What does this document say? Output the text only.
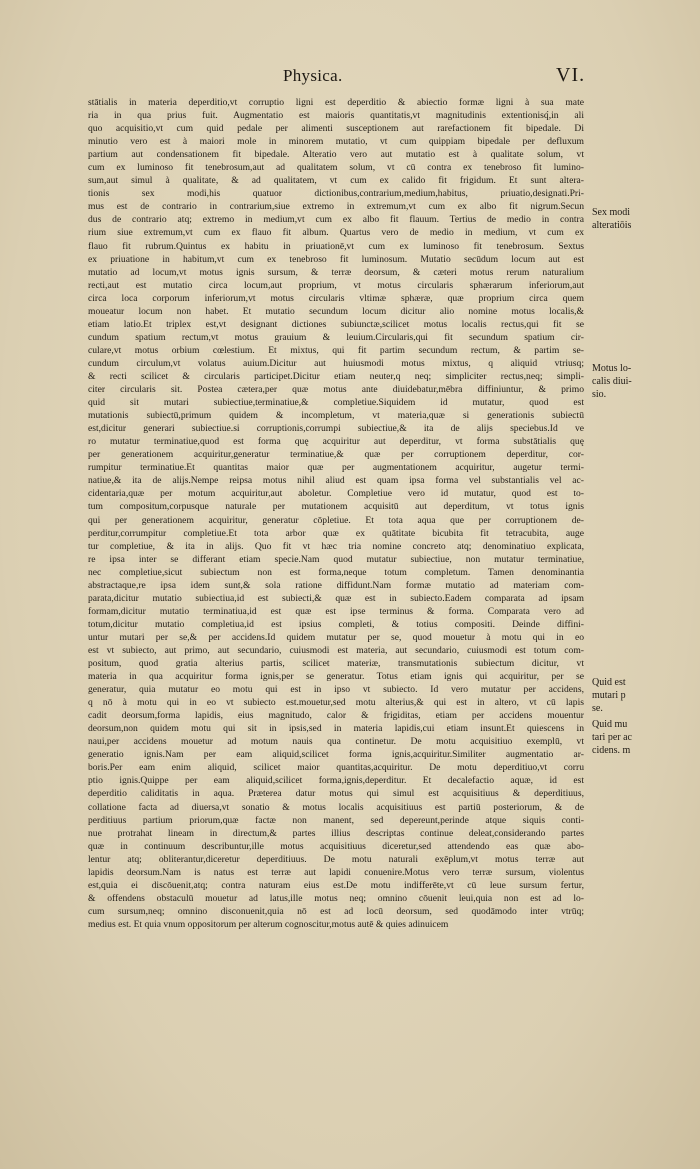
Physica.	VI.
stātialis in materia deperditio,vt corruptio ligni est deperditio & abiectio formæ ligni à sua mate
ria in qua prius fuit. Augmentatio est maioris quantitatis,vt magnitudinis extentionisq́,in ali
quo acquisitio,vt cum quid pedale per alimenti susceptionem aut rarefactionem fit bipedale. Di
minutio vero est à maiori mole in minorem mutatio, vt cum quippiam bipedale per defluxum
partium aut condensationem fit bipedale. Alteratio vero aut mutatio est à qualitate solum, vt
cum ex luminoso fit tenebrosum,aut ad qualitatem solum, vt cū contra ex tenebroso fit lumino-
sum,aut simul à qualitate, & ad qualitatem, vt cum ex calido fit frigidum. Et sunt altera-
tionis sex modi,his quatuor dictionibus,contrarium,medium,habitus, priuatio,designati.Pri-
mus est de contrario in contrarium,siue extremo in extremum,vt cum ex albo fit nigrum.Secun
dus de contrario atq; extremo in medium,vt cum ex albo fit flauum. Tertius de medio in contra
rium siue extremum,vt cum ex flauo fit album. Quartus vero de medio in medium, vt cum ex
flauo fit rubrum.Quintus ex habitu in priuationē,vt cum ex luminoso fit tenebrosum. Sextus
ex priuatione in habitum,vt cum ex tenebroso fit luminosum. Mutatio secūdum locum aut est
mutatio ad locum,vt motus ignis sursum, & terræ deorsum, & cæteri motus rerum naturalium
recti,aut est mutatio circa locum,aut proprium, vt motus circularis sphærarum inferiorum,aut
circa loca corporum inferiorum,vt motus circularis vltimæ sphæræ, quæ proprium circa quem
moueatur locum non habet. Et mutatio secundum locum dicitur alio nomine motus localis,&
etiam latio.Et triplex est,vt designant dictiones subiunctæ,scilicet motus localis rectus,qui fit se
cundum spatium rectum,vt motus grauium & leuium.Circularis,qui fit secundum spatium cir-
culare,vt motus orbium cœlestium. Et mixtus, qui fit partim secundum rectum, & partim se-
cundum circulum,vt volatus auium.Dicitur aut huiusmodi motus mixtus, q aliquid vtriusq;
& recti scilicet & circularis participet.Dicitur etiam neuter,q neq; simpliciter rectus,neq; simpli-
citer circularis sit. Postea cætera,per quæ motus ante diuidebatur,mēbra diffiniuntur, & primo
quid sit mutari subiectiue,terminatiue,& completiue.Siquidem id mutatur, quod est
mutationis subiectū,primum quidem & incompletum, vt materia,quæ si generationis subiectū
est,dicitur generari subiectiue.si corruptionis,corrumpi subiectiue,& ita de alijs speciebus.Id ve
ro mutatur terminatiue,quod est forma quę acquiritur aut deperditur, vt forma substātialis quę
per generationem acquiritur,generatur terminatiue,& quæ per corruptionem deperditur, cor-
rumpitur terminatiue.Et quantitas maior quæ per augmentationem acquiritur, augetur termi-
natiue,& ita de alijs.Nempe reipsa motus nihil aliud est quam ipsa forma vel substantialis vel ac-
cidentaria,quæ per motum acquiritur,aut aboletur. Completiue vero id mutatur, quod est to-
tum compositum,corpusque naturale per mutationem acquisitū aut deperditum, vt totus ignis
qui per generationem acquiritur, generatur cōpletiue. Et tota aqua que per corruptionem de-
perditur,corrumpitur completiue.Et tota arbor quæ ex quātitate bicubita fit tetracubita, auge
tur completiue, & ita in alijs. Quo fit vt hæc tria nomine concreto atq; denominatiuo explicata,
re ipsa inter se differant etiam specie.Nam quod mutatur subiectiue, non mutatur terminatiue,
nec completiue,sicut subiectum non est forma,neque totum completum. Tamen denominantia
abstractaque,re ipsa idem sunt,& sola ratione diffidunt.Nam formæ mutatio ad materiam com-
parata,dicitur mutatio subiectiua,id est subiecti,& quæ est in subiecto.Eadem comparata ad ipsam
formam,dicitur mutatio terminatiua,id est quæ est ipse terminus & forma. Comparata vero ad
totum,dicitur mutatio completiua,id est ipsius completi, & totius compositi. Deinde diffini-
untur mutari per se,& per accidens.Id quidem mutatur per se, quod mouetur à motu qui in eo
est vt subiecto, aut primo, aut secundario, cuiusmodi est materia, aut secundario, cuiusmodi est totum com-
positum, quod gratia alterius partis, scilicet materiæ, transmutationis subiectum dicitur, vt
materia in qua acquiritur forma ignis,per se generatur. Totus etiam ignis qui acquiritur, per se
generatur, quia mutatur eo motu qui est in ipso vt subiecto. Id vero mutatur per accidens,
q nō à motu qui in eo vt subiecto est.mouetur,sed motu alterius,& qui est in altero, vt cū lapis
cadit deorsum,forma lapidis, eius magnitudo, calor & frigiditas, etiam per accidens mouentur
deorsum,non quidem motu qui sit in ipsis,sed in materia lapidis,cui etiam insunt.Et quiescens in
naui,per accidens mouetur ad motum nauis qua continetur. De motu acquisitiuo exemplū, vt
generatio ignis.Nam per eam aliquid,scilicet forma ignis,acquiritur.Similiter augmentatio ar-
boris.Per eam enim aliquid, scilicet maior quantitas,acquiritur. De motu deperditiuo,vt corru
ptio ignis.Quippe per eam aliquid,scilicet forma,ignis,deperditur. Et decalefactio aquæ, id est
deperditio caliditatis in aqua. Præterea datur motus qui simul est acquisitiuus & deperditiuus,
collatione facta ad diuersa,vt sonatio & motus localis acquisitiuus est partiū posteriorum, & de
perditiuus partium priorum,quæ factæ non manent, sed depereunt,perinde atque siquis conti-
nue protrahat lineam in directum,& partes illius descriptas continue deleat,considerando partes
quæ in continuum describuntur,ille motus acquisitiuus diceretur,sed attendendo eas quæ abo-
lentur atq; obliterantur,diceretur deperditiuus. De motu naturali exēplum,vt motus terræ aut
lapidis deorsum.Nam is natus est terræ aut lapidi conuenire.Motus vero terræ sursum, violentus
est,quia ei discōuenit,atq; contra naturam eius est.De motu indifferēte,vt cū leue sursum fertur,
& offendens obstaculū mouetur ad latus,ille motus neq; omnino cōuenit leui,quia non est ad lo-
cum sursum,neq; omnino disconuenit,quia nō est ad locū deorsum, sed quodāmodo inter vtrūq;
medius est. Et quia vnum oppositorum per alterum cognoscitur,motus autē & quies adinuicem
Sex modi
alteratiōis
Motus lo-
calis diui-
sio.
Quid est
mutari p
se.
Quid mu
tari per ac
cidens. m
